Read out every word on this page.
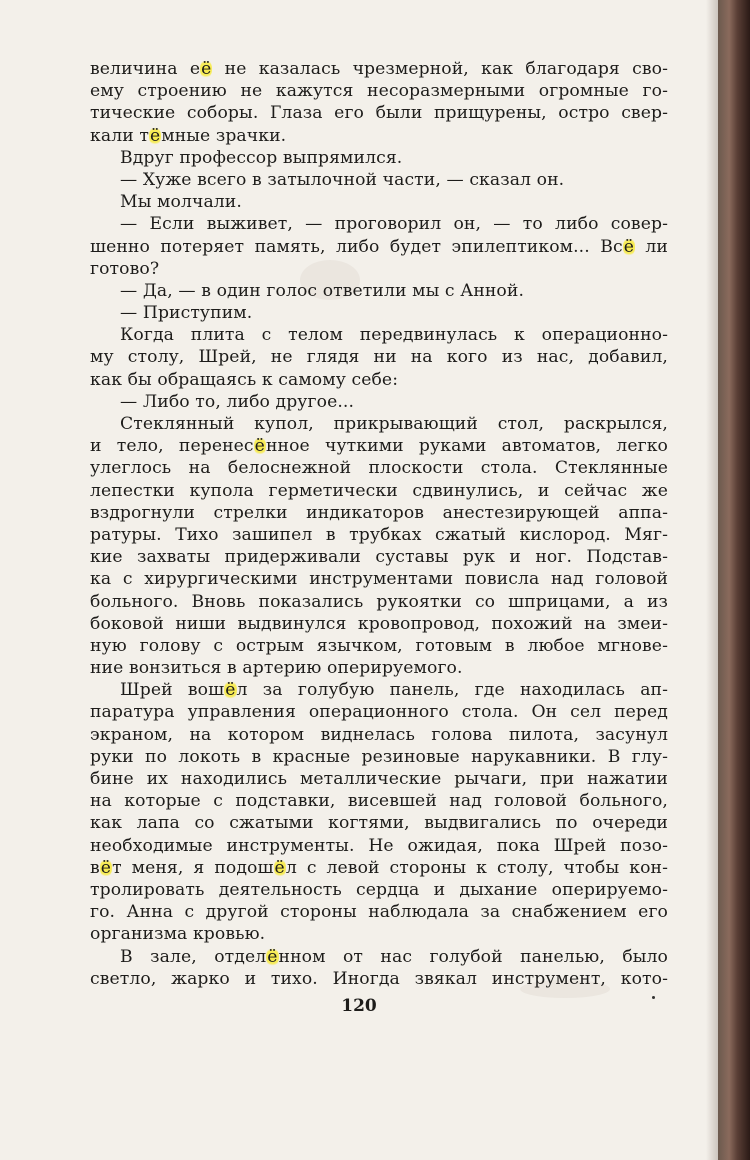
величина её не казалась чрезмерной, как благодаря сво-
ему строению не кажутся несоразмерными огромные го-
тические соборы. Глаза его были прищурены, остро свер-
кали тёмные зрачки.
Вдруг профессор выпрямился.
— Хуже всего в затылочной части, — сказал он.
Мы молчали.
— Если выживет, — проговорил он, — то либо совер-
шенно потеряет память, либо будет эпилептиком... Всё ли
готово?
— Да, — в один голос ответили мы с Анной.
— Приступим.
Когда плита с телом передвинулась к операционно-
му столу, Шрей, не глядя ни на кого из нас, добавил,
как бы обращаясь к самому себе:
— Либо то, либо другое...
Стеклянный купол, прикрывающий стол, раскрылся,
и тело, перенесённое чуткими руками автоматов, легко
улеглось на белоснежной плоскости стола. Стеклянные
лепестки купола герметически сдвинулись, и сейчас же
вздрогнули стрелки индикаторов анестезирующей аппа-
ратуры. Тихо зашипел в трубках сжатый кислород. Мяг-
кие захваты придерживали суставы рук и ног. Подстав-
ка с хирургическими инструментами повисла над головой
больного. Вновь показались рукоятки со шприцами, а из
боковой ниши выдвинулся кровопровод, похожий на змеи-
ную голову с острым язычком, готовым в любое мгнове-
ние вонзиться в артерию оперируемого.
Шрей вошёл за голубую панель, где находилась ап-
паратура управления операционного стола. Он сел перед
экраном, на котором виднелась голова пилота, засунул
руки по локоть в красные резиновые нарукавники. В глу-
бине их находились металлические рычаги, при нажатии
на которые с подставки, висевшей над головой больного,
как лапа со сжатыми когтями, выдвигались по очереди
необходимые инструменты. Не ожидая, пока Шрей позо-
вёт меня, я подошёл с левой стороны к столу, чтобы кон-
тролировать деятельность сердца и дыхание оперируемо-
го. Анна с другой стороны наблюдала за снабжением его
организма кровью.
В зале, отделённом от нас голубой панелью, было
светло, жарко и тихо. Иногда звякал инструмент, кото-
120
